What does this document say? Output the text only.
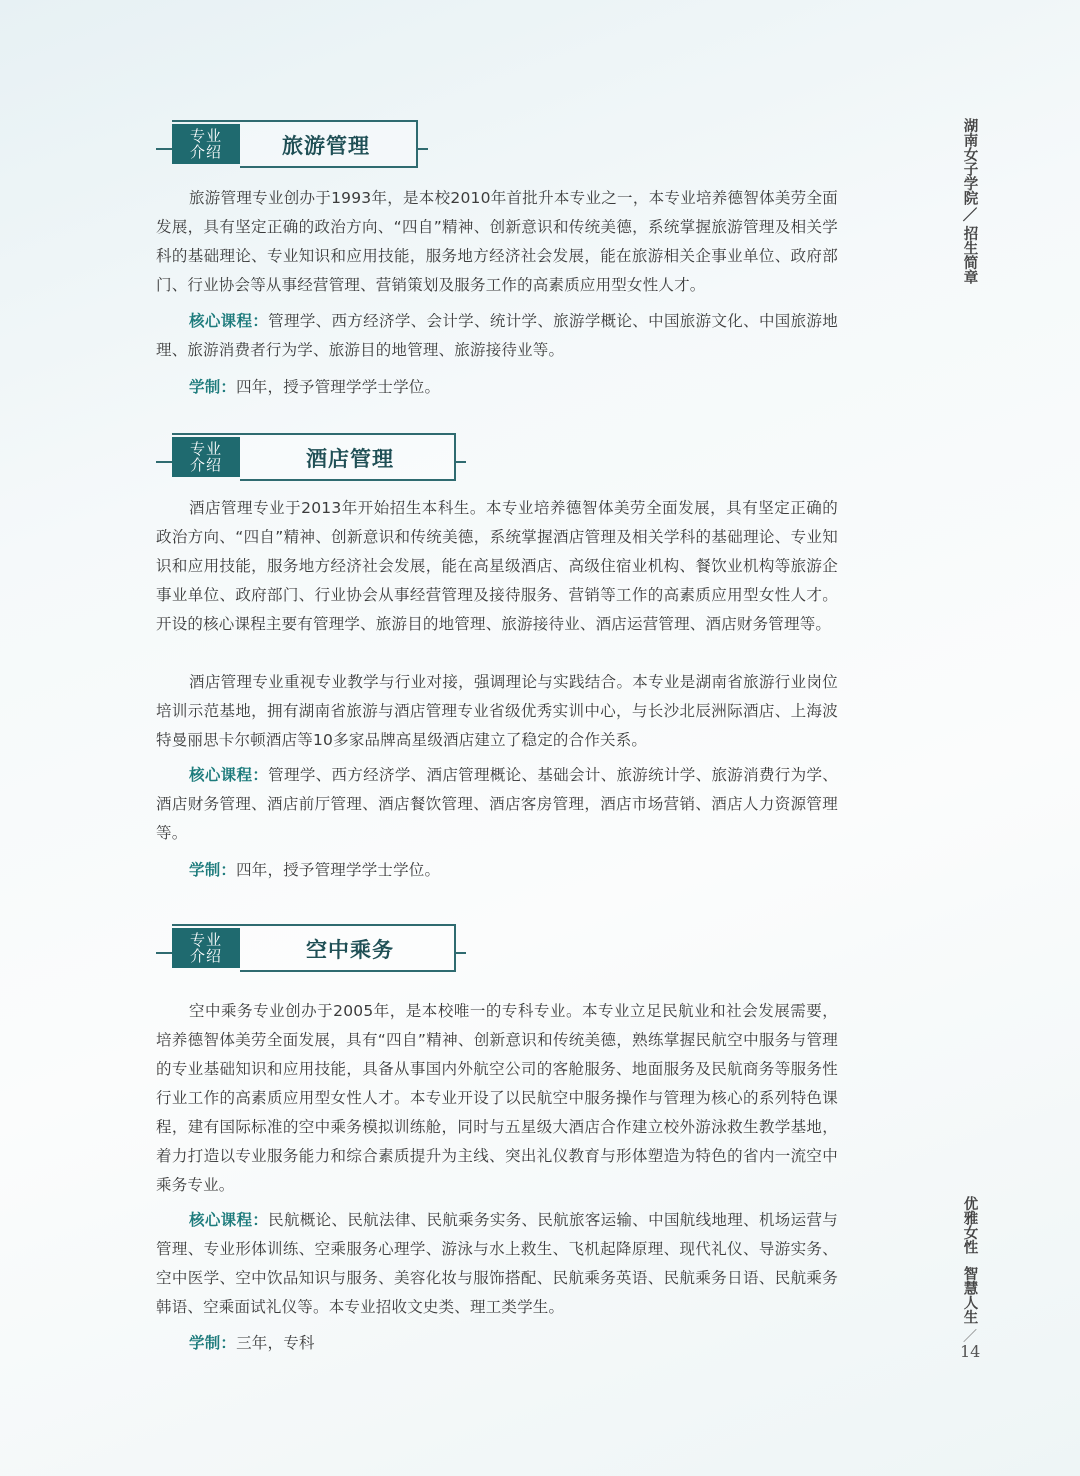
湖南女子学院
／
招生简章
优雅女性
智慧人生
／
14
专业
介绍	旅游管理
旅游管理专业创办于1993年，是本校2010年首批升本专业之一，本专业培养德智体美劳全面发展，具有坚定正确的政治方向、“四自”精神、创新意识和传统美德，系统掌握旅游管理及相关学科的基础理论、专业知识和应用技能，服务地方经济社会发展，能在旅游相关企事业单位、政府部门、行业协会等从事经营管理、营销策划及服务工作的高素质应用型女性人才。
核心课程：管理学、西方经济学、会计学、统计学、旅游学概论、中国旅游文化、中国旅游地理、旅游消费者行为学、旅游目的地管理、旅游接待业等。
学制：四年，授予管理学学士学位。
专业
介绍	酒店管理
酒店管理专业于2013年开始招生本科生。本专业培养德智体美劳全面发展，具有坚定正确的政治方向、“四自”精神、创新意识和传统美德，系统掌握酒店管理及相关学科的基础理论、专业知识和应用技能，服务地方经济社会发展，能在高星级酒店、高级住宿业机构、餐饮业机构等旅游企事业单位、政府部门、行业协会从事经营管理及接待服务、营销等工作的高素质应用型女性人才。开设的核心课程主要有管理学、旅游目的地管理、旅游接待业、酒店运营管理、酒店财务管理等。
酒店管理专业重视专业教学与行业对接，强调理论与实践结合。本专业是湖南省旅游行业岗位培训示范基地，拥有湖南省旅游与酒店管理专业省级优秀实训中心，与长沙北辰洲际酒店、上海波特曼丽思卡尔顿酒店等10多家品牌高星级酒店建立了稳定的合作关系。
核心课程：管理学、西方经济学、酒店管理概论、基础会计、旅游统计学、旅游消费行为学、酒店财务管理、酒店前厅管理、酒店餐饮管理、酒店客房管理，酒店市场营销、酒店人力资源管理等。
学制：四年，授予管理学学士学位。
专业
介绍	空中乘务
空中乘务专业创办于2005年，是本校唯一的专科专业。本专业立足民航业和社会发展需要，培养德智体美劳全面发展，具有“四自”精神、创新意识和传统美德，熟练掌握民航空中服务与管理的专业基础知识和应用技能，具备从事国内外航空公司的客舱服务、地面服务及民航商务等服务性行业工作的高素质应用型女性人才。本专业开设了以民航空中服务操作与管理为核心的系列特色课程，建有国际标准的空中乘务模拟训练舱，同时与五星级大酒店合作建立校外游泳救生教学基地，着力打造以专业服务能力和综合素质提升为主线、突出礼仪教育与形体塑造为特色的省内一流空中乘务专业。
核心课程：民航概论、民航法律、民航乘务实务、民航旅客运输、中国航线地理、机场运营与管理、专业形体训练、空乘服务心理学、游泳与水上救生、飞机起降原理、现代礼仪、导游实务、空中医学、空中饮品知识与服务、美容化妆与服饰搭配、民航乘务英语、民航乘务日语、民航乘务韩语、空乘面试礼仪等。本专业招收文史类、理工类学生。
学制：三年，专科
